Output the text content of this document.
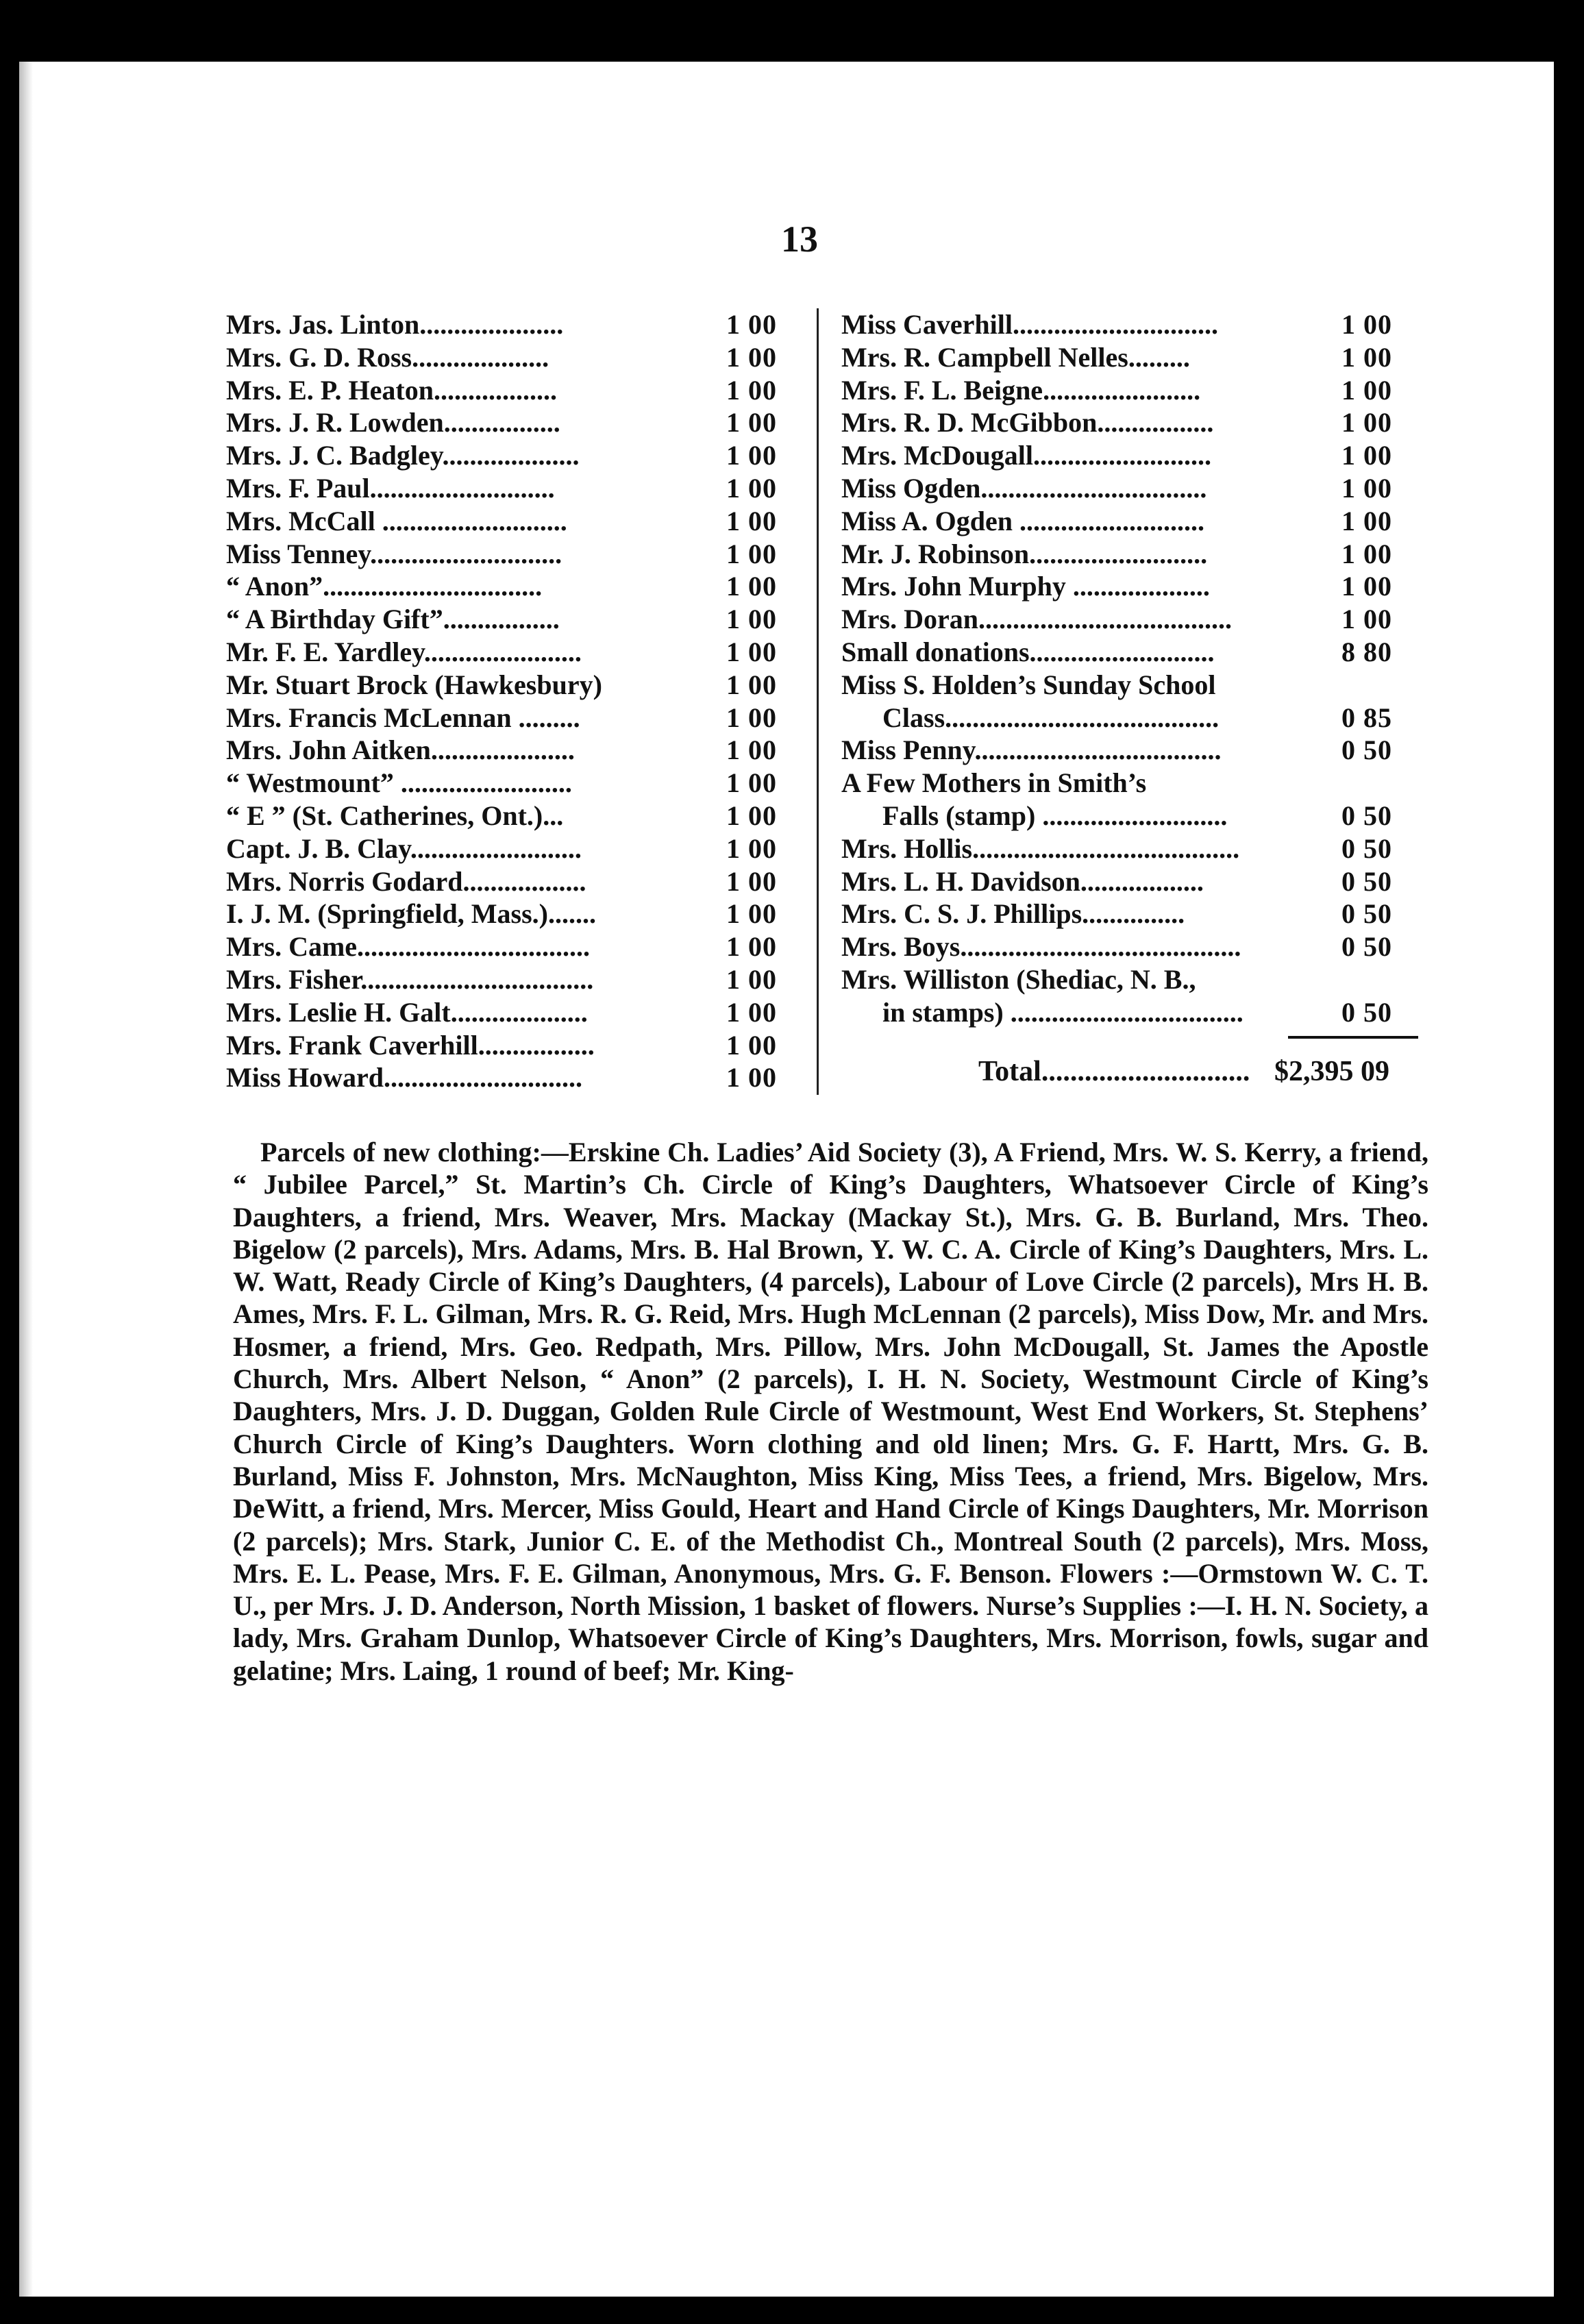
13
Mrs. Jas. Linton.....................	1 00
Mrs. G. D. Ross....................	1 00
Mrs. E. P. Heaton..................	1 00
Mrs. J. R. Lowden.................	1 00
Mrs. J. C. Badgley....................	1 00
Mrs. F. Paul...........................	1 00
Mrs. McCall ...........................	1 00
Miss Tenney............................	1 00
“ Anon”................................	1 00
“ A Birthday Gift”.................	1 00
Mr. F. E. Yardley.......................	1 00
Mr. Stuart Brock (Hawkesbury)	1 00
Mrs. Francis McLennan .........	1 00
Mrs. John Aitken.....................	1 00
“ Westmount” .........................	1 00
“ E ” (St. Catherines, Ont.)...	1 00
Capt. J. B. Clay.........................	1 00
Mrs. Norris Godard..................	1 00
I. J. M. (Springfield, Mass.).......	1 00
Mrs. Came..................................	1 00
Mrs. Fisher..................................	1 00
Mrs. Leslie H. Galt....................	1 00
Mrs. Frank Caverhill.................	1 00
Miss Howard.............................	1 00
Miss Caverhill..............................	1 00
Mrs. R. Campbell Nelles.........	1 00
Mrs. F. L. Beigne.......................	1 00
Mrs. R. D. McGibbon.................	1 00
Mrs. McDougall..........................	1 00
Miss Ogden.................................	1 00
Miss A. Ogden ...........................	1 00
Mr. J. Robinson..........................	1 00
Mrs. John Murphy ....................	1 00
Mrs. Doran.....................................	1 00
Small donations...........................	8 80
Miss S. Holden’s Sunday School
Class........................................	0 85
Miss Penny....................................	0 50
A Few Mothers in Smith’s
Falls (stamp) ...........................	0 50
Mrs. Hollis.......................................	0 50
Mrs. L. H. Davidson..................	0 50
Mrs. C. S. J. Phillips...............	0 50
Mrs. Boys.........................................	0 50
Mrs. Williston (Shediac, N. B.,
in stamps) ..................................	0 50
Total............................. $2,395 09

Parcels of new clothing:—Erskine Ch. Ladies’ Aid Society (3), A Friend, Mrs. W. S. Kerry, a friend, “ Jubilee Parcel,” St. Martin’s Ch. Circle of King’s Daughters, Whatsoever Circle of King’s Daughters, a friend, Mrs. Weaver, Mrs. Mackay (Mackay St.), Mrs. G. B. Burland, Mrs. Theo. Bigelow (2 parcels), Mrs. Adams, Mrs. B. Hal Brown, Y. W. C. A. Circle of King’s Daughters, Mrs. L. W. Watt, Ready Circle of King’s Daughters, (4 parcels), Labour of Love Circle (2 parcels), Mrs H. B. Ames, Mrs. F. L. Gilman, Mrs. R. G. Reid, Mrs. Hugh McLennan (2 parcels), Miss Dow, Mr. and Mrs. Hosmer, a friend, Mrs. Geo. Redpath, Mrs. Pillow, Mrs. John McDougall, St. James the Apostle Church, Mrs. Albert Nelson, “ Anon” (2 parcels), I. H. N. Society, Westmount Circle of King’s Daughters, Mrs. J. D. Duggan, Golden Rule Circle of Westmount, West End Workers, St. Stephens’ Church Circle of King’s Daughters. Worn clothing and old linen; Mrs. G. F. Hartt, Mrs. G. B. Burland, Miss F. Johnston, Mrs. McNaughton, Miss King, Miss Tees, a friend, Mrs. Bigelow, Mrs. DeWitt, a friend, Mrs. Mercer, Miss Gould, Heart and Hand Circle of Kings Daughters, Mr. Morrison (2 parcels); Mrs. Stark, Junior C. E. of the Methodist Ch., Montreal South (2 parcels), Mrs. Moss, Mrs. E. L. Pease, Mrs. F. E. Gilman, Anonymous, Mrs. G. F. Benson. Flowers :—Ormstown W. C. T. U., per Mrs. J. D. Anderson, North Mission, 1 basket of flowers. Nurse’s Supplies :—I. H. N. Society, a lady, Mrs. Graham Dunlop, Whatsoever Circle of King’s Daughters, Mrs. Morrison, fowls, sugar and gelatine; Mrs. Laing, 1 round of beef; Mr. King-
